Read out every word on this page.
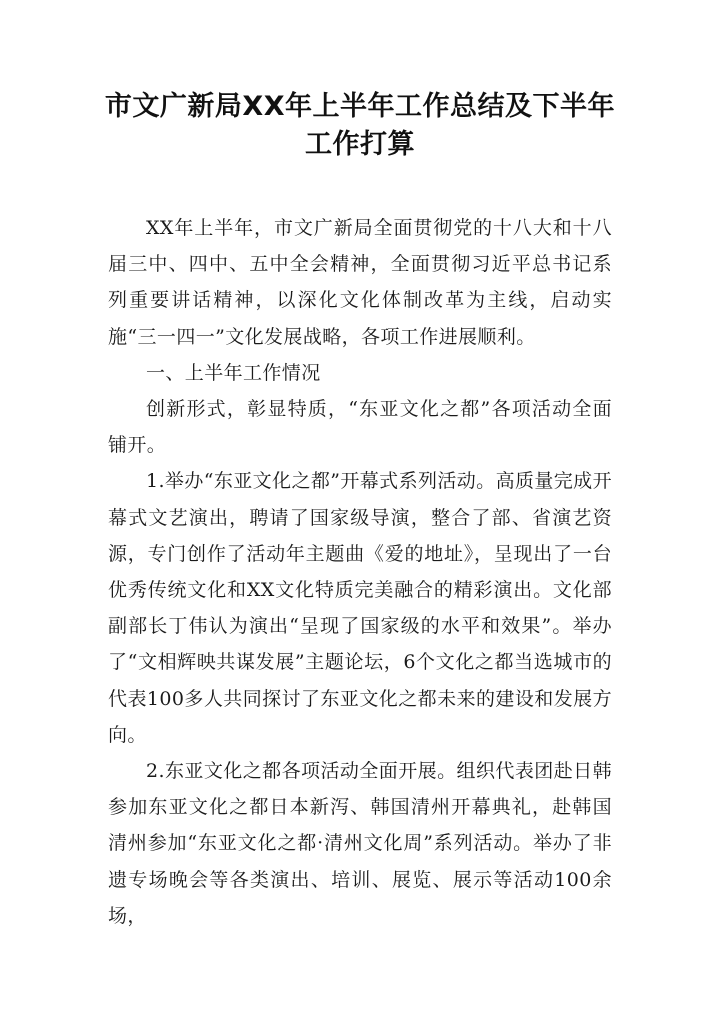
市文广新局XX年上半年工作总结及下半年
工作打算

XX年上半年，市文广新局全面贯彻党的十八大和十八届三中、四中、五中全会精神，全面贯彻习近平总书记系列重要讲话精神，以深化文化体制改革为主线，启动实施“三一四一”文化发展战略，各项工作进展顺利。

一、上半年工作情况

创新形式，彰显特质，“东亚文化之都”各项活动全面铺开。

1.举办“东亚文化之都”开幕式系列活动。高质量完成开幕式文艺演出，聘请了国家级导演，整合了部、省演艺资源，专门创作了活动年主题曲《爱的地址》，呈现出了一台优秀传统文化和XX文化特质完美融合的精彩演出。文化部副部长丁伟认为演出“呈现了国家级的水平和效果”。举办了“文相辉映共谋发展”主题论坛，6个文化之都当选城市的代表100多人共同探讨了东亚文化之都未来的建设和发展方向。

2.东亚文化之都各项活动全面开展。组织代表团赴日韩参加东亚文化之都日本新泻、韩国清州开幕典礼，赴韩国清州参加“东亚文化之都·清州文化周”系列活动。举办了非遗专场晚会等各类演出、培训、展览、展示等活动100余场，
